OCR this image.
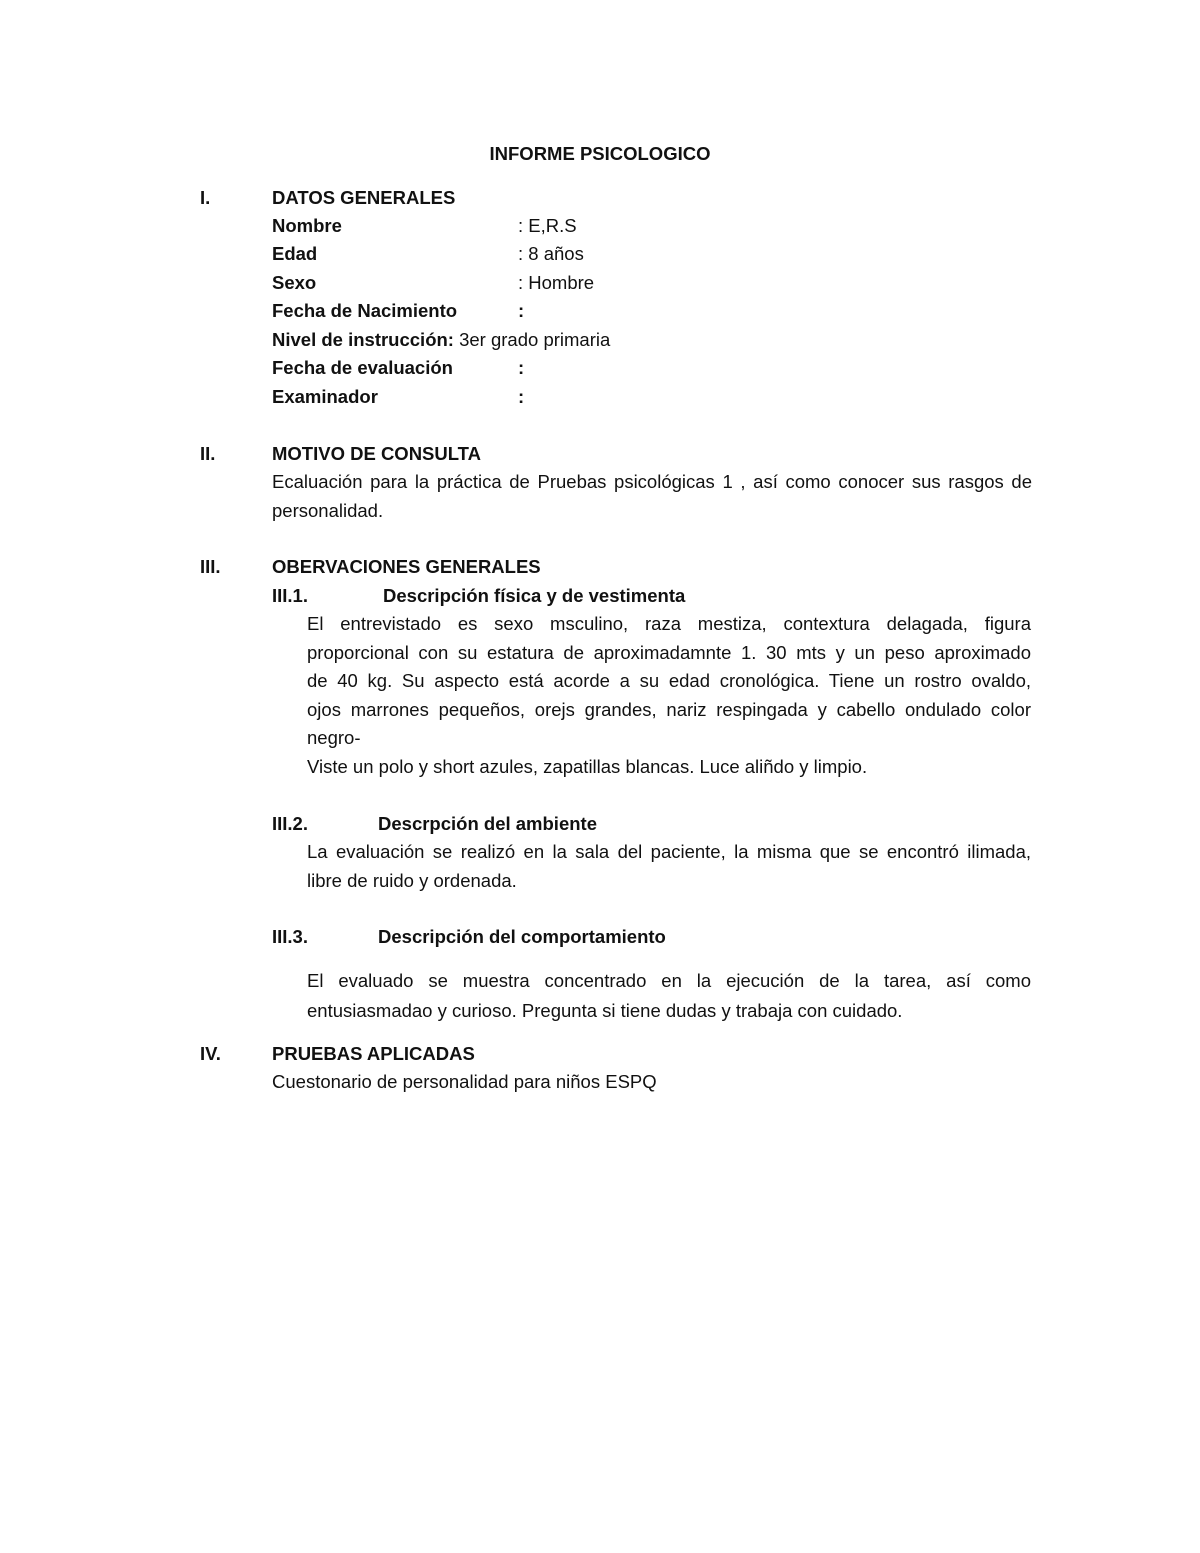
INFORME PSICOLOGICO
I.	DATOS GENERALES
Nombre	: E,R.S
Edad	: 8 años
Sexo	: Hombre
Fecha de Nacimiento	:
Nivel de instrucción: 3er grado primaria
Fecha de evaluación	:
Examinador	:
II.	MOTIVO DE CONSULTA
Ecaluación para la práctica de Pruebas psicológicas 1 , así como conocer sus rasgos de
personalidad.
III.	OBERVACIONES GENERALES
III.1.	Descripción física y de vestimenta
El entrevistado es sexo msculino, raza mestiza, contextura delagada, figura
proporcional con su estatura de aproximadamnte 1. 30 mts y un peso aproximado
de 40 kg. Su aspecto está acorde a su edad cronológica. Tiene un rostro ovaldo,
ojos marrones pequeños, orejs grandes, nariz respingada y cabello ondulado color
negro-
Viste un polo y short azules, zapatillas blancas. Luce aliñdo y limpio.
III.2.	Descrpción del ambiente
La evaluación se realizó en la sala del paciente, la misma que se encontró ilimada,
libre de ruido y ordenada.
III.3.	Descripción del comportamiento
El evaluado se muestra concentrado en la ejecución de la tarea, así como
entusiasmadao y curioso. Pregunta si tiene dudas y trabaja con cuidado.
IV.	PRUEBAS APLICADAS
Cuestonario de personalidad para niños ESPQ
